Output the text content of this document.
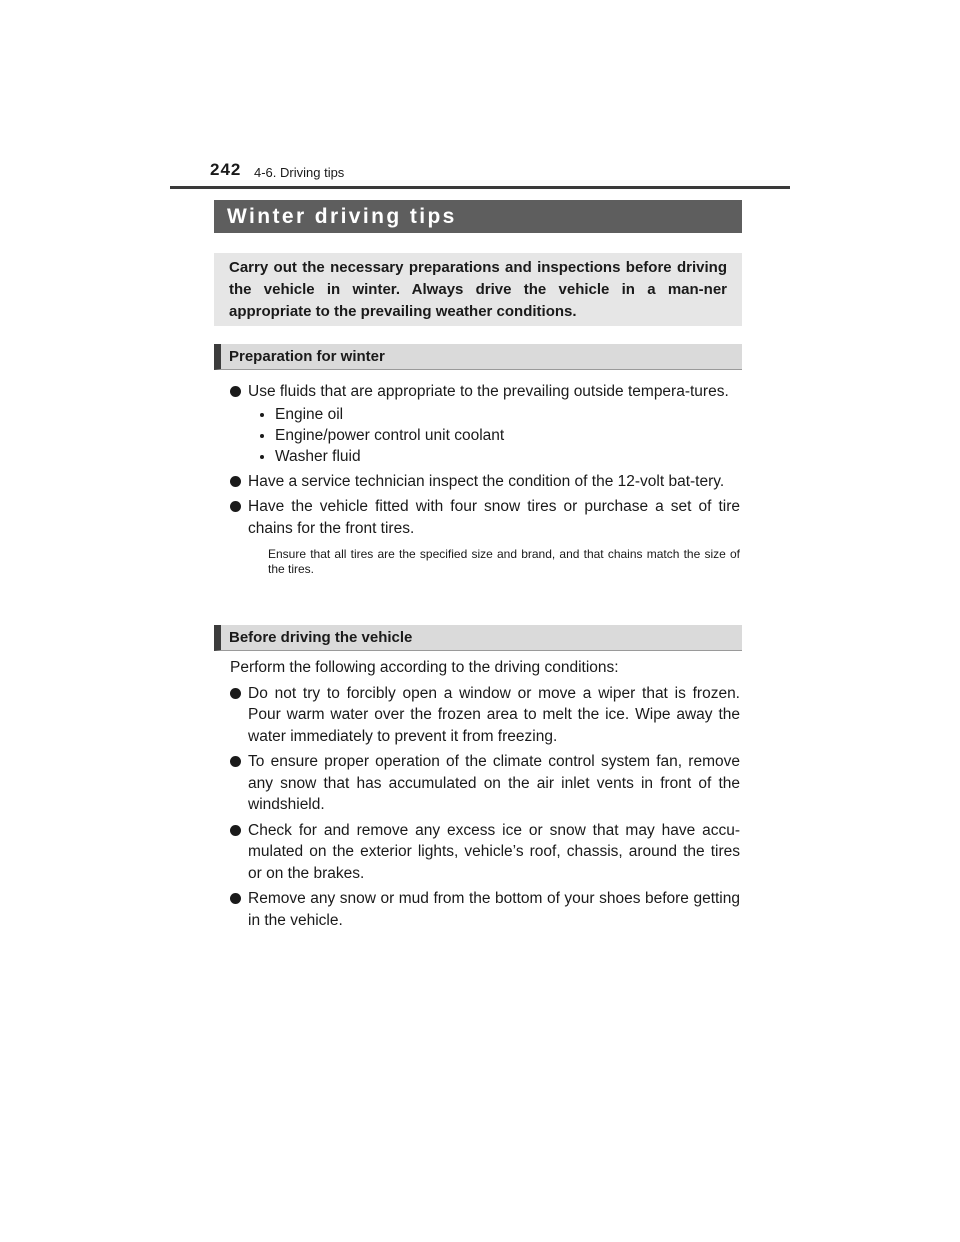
242 4-6. Driving tips
Winter driving tips
Carry out the necessary preparations and inspections before driving the vehicle in winter. Always drive the vehicle in a man-ner appropriate to the prevailing weather conditions.
Preparation for winter
Use fluids that are appropriate to the prevailing outside tempera-tures.
Engine oil
Engine/power control unit coolant
Washer fluid
Have a service technician inspect the condition of the 12-volt bat-tery.
Have the vehicle fitted with four snow tires or purchase a set of tire chains for the front tires.
Ensure that all tires are the specified size and brand, and that chains match the size of the tires.
Before driving the vehicle
Perform the following according to the driving conditions:
Do not try to forcibly open a window or move a wiper that is frozen. Pour warm water over the frozen area to melt the ice. Wipe away the water immediately to prevent it from freezing.
To ensure proper operation of the climate control system fan, remove any snow that has accumulated on the air inlet vents in front of the windshield.
Check for and remove any excess ice or snow that may have accu-mulated on the exterior lights, vehicle’s roof, chassis, around the tires or on the brakes.
Remove any snow or mud from the bottom of your shoes before getting in the vehicle.
